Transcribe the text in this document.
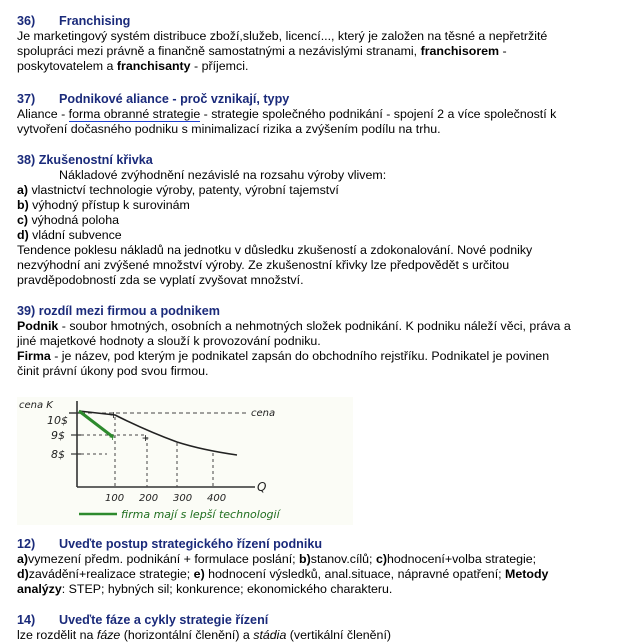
36) Franchising

Je marketingový systém distribuce zboží,služeb, licencí..., který je založen na těsné a nepřetržité

spolupráci mezi právně a finančně samostatnými a nezávislými stranami, franchisorem -

poskytovatelem a franchisanty - příjemci.

37) Podnikové aliance - proč vznikají, typy

Aliance - forma obranné strategie - strategie společného podnikání - spojení 2 a více společností k

vytvoření dočasného podniku s minimalizací rizika a zvýšením podílu na trhu.

38) Zkušenostní křivka

Nákladové zvýhodnění nezávislé na rozsahu výroby vlivem:

a) vlastnictví technologie výroby, patenty, výrobní tajemství

b) výhodný přístup k surovinám

c) výhodná poloha

d) vládní subvence

Tendence poklesu nákladů na jednotku v důsledku zkušeností a zdokonalování. Nové podniky

nezvýhodní ani zvýšené množství výroby. Ze zkušenostní křivky lze předpovědět s určitou

pravděpodobností zda se vyplatí zvyšovat množství.

39) rozdíl mezi firmou a podnikem

Podnik - soubor hmotných, osobních a nehmotných složek podnikání. K podniku náleží věci, práva a

jiné majetkové hodnoty a slouží k provozování podniku.

Firma - je název, pod kterým je podnikatel zapsán do obchodního rejstříku. Podnikatel je povinen

činit právní úkony pod svou firmou.

cena K
10$
9$
8$
cena
+
+
+
100 200 300 400
Q
firma mají s lepší technologií
12) Uveďte postup strategického řízení podniku

a)vymezení předm. podnikání + formulace poslání; b)stanov.cílů; c)hodnocení+volba strategie;

d)zavádění+realizace strategie; e) hodnocení výsledků, anal.situace, nápravné opatření; Metody

analýzy: STEP; hybných sil; konkurence; ekonomického charakteru.

14) Uveďte fáze a cykly strategie řízení

lze rozdělit na fáze (horizontální členění) a stádia (vertikální členění)
